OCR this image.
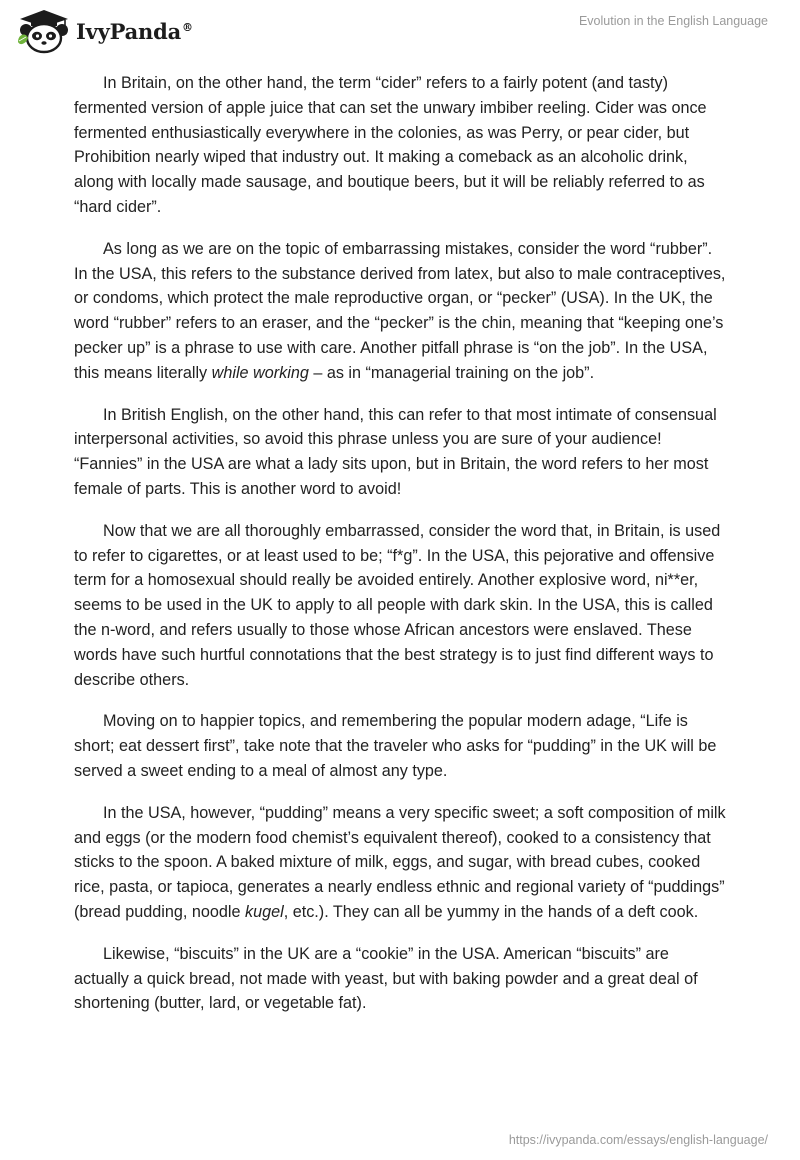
IvyPanda®	Evolution in the English Language

In Britain, on the other hand, the term “cider” refers to a fairly potent (and tasty) fermented version of apple juice that can set the unwary imbiber reeling. Cider was once fermented enthusiastically everywhere in the colonies, as was Perry, or pear cider, but Prohibition nearly wiped that industry out. It making a comeback as an alcoholic drink, along with locally made sausage, and boutique beers, but it will be reliably referred to as “hard cider”.

As long as we are on the topic of embarrassing mistakes, consider the word “rubber”. In the USA, this refers to the substance derived from latex, but also to male contraceptives, or condoms, which protect the male reproductive organ, or “pecker” (USA). In the UK, the word “rubber” refers to an eraser, and the “pecker” is the chin, meaning that “keeping one’s pecker up” is a phrase to use with care. Another pitfall phrase is “on the job”. In the USA, this means literally while working – as in “managerial training on the job”.

In British English, on the other hand, this can refer to that most intimate of consensual interpersonal activities, so avoid this phrase unless you are sure of your audience! “Fannies” in the USA are what a lady sits upon, but in Britain, the word refers to her most female of parts. This is another word to avoid!

Now that we are all thoroughly embarrassed, consider the word that, in Britain, is used to refer to cigarettes, or at least used to be; “f*g”. In the USA, this pejorative and offensive term for a homosexual should really be avoided entirely. Another explosive word, ni**er, seems to be used in the UK to apply to all people with dark skin. In the USA, this is called the n-word, and refers usually to those whose African ancestors were enslaved. These words have such hurtful connotations that the best strategy is to just find different ways to describe others.

Moving on to happier topics, and remembering the popular modern adage, “Life is short; eat dessert first”, take note that the traveler who asks for “pudding” in the UK will be served a sweet ending to a meal of almost any type.

In the USA, however, “pudding” means a very specific sweet; a soft composition of milk and eggs (or the modern food chemist’s equivalent thereof), cooked to a consistency that sticks to the spoon. A baked mixture of milk, eggs, and sugar, with bread cubes, cooked rice, pasta, or tapioca, generates a nearly endless ethnic and regional variety of “puddings” (bread pudding, noodle kugel, etc.). They can all be yummy in the hands of a deft cook.

Likewise, “biscuits” in the UK are a “cookie” in the USA. American “biscuits” are actually a quick bread, not made with yeast, but with baking powder and a great deal of shortening (butter, lard, or vegetable fat).

https://ivypanda.com/essays/english-language/
